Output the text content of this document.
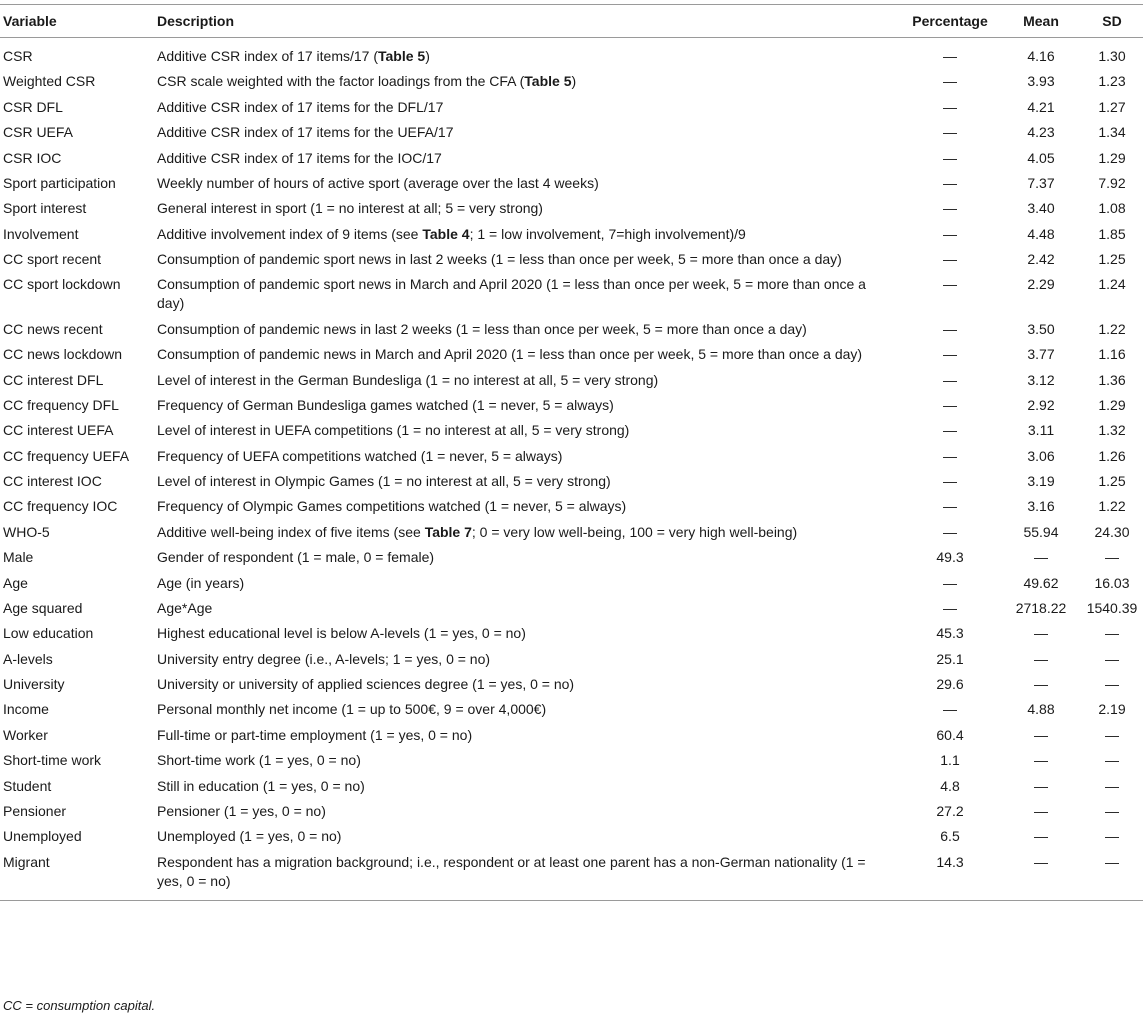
Variable	Description	Percentage	Mean	SD
CSR	Additive CSR index of 17 items/17 (Table 5)	—	4.16	1.30
Weighted CSR	CSR scale weighted with the factor loadings from the CFA (Table 5)	—	3.93	1.23
CSR DFL	Additive CSR index of 17 items for the DFL/17	—	4.21	1.27
CSR UEFA	Additive CSR index of 17 items for the UEFA/17	—	4.23	1.34
CSR IOC	Additive CSR index of 17 items for the IOC/17	—	4.05	1.29
Sport participation	Weekly number of hours of active sport (average over the last 4 weeks)	—	7.37	7.92
Sport interest	General interest in sport (1 = no interest at all; 5 = very strong)	—	3.40	1.08
Involvement	Additive involvement index of 9 items (see Table 4; 1 = low involvement, 7=high involvement)/9	—	4.48	1.85
CC sport recent	Consumption of pandemic sport news in last 2 weeks (1 = less than once per week, 5 = more than once a day)	—	2.42	1.25
CC sport lockdown	Consumption of pandemic sport news in March and April 2020 (1 = less than once per week, 5 = more than once a day)	—	2.29	1.24
CC news recent	Consumption of pandemic news in last 2 weeks (1 = less than once per week, 5 = more than once a day)	—	3.50	1.22
CC news lockdown	Consumption of pandemic news in March and April 2020 (1 = less than once per week, 5 = more than once a day)	—	3.77	1.16
CC interest DFL	Level of interest in the German Bundesliga (1 = no interest at all, 5 = very strong)	—	3.12	1.36
CC frequency DFL	Frequency of German Bundesliga games watched (1 = never, 5 = always)	—	2.92	1.29
CC interest UEFA	Level of interest in UEFA competitions (1 = no interest at all, 5 = very strong)	—	3.11	1.32
CC frequency UEFA	Frequency of UEFA competitions watched (1 = never, 5 = always)	—	3.06	1.26
CC interest IOC	Level of interest in Olympic Games (1 = no interest at all, 5 = very strong)	—	3.19	1.25
CC frequency IOC	Frequency of Olympic Games competitions watched (1 = never, 5 = always)	—	3.16	1.22
WHO-5	Additive well-being index of five items (see Table 7; 0 = very low well-being, 100 = very high well-being)	—	55.94	24.30
Male	Gender of respondent (1 = male, 0 = female)	49.3	—	—
Age	Age (in years)	—	49.62	16.03
Age squared	Age*Age	—	2718.22	1540.39
Low education	Highest educational level is below A-levels (1 = yes, 0 = no)	45.3	—	—
A-levels	University entry degree (i.e., A-levels; 1 = yes, 0 = no)	25.1	—	—
University	University or university of applied sciences degree (1 = yes, 0 = no)	29.6	—	—
Income	Personal monthly net income (1 = up to 500€, 9 = over 4,000€)	—	4.88	2.19
Worker	Full-time or part-time employment (1 = yes, 0 = no)	60.4	—	—
Short-time work	Short-time work (1 = yes, 0 = no)	1.1	—	—
Student	Still in education (1 = yes, 0 = no)	4.8	—	—
Pensioner	Pensioner (1 = yes, 0 = no)	27.2	—	—
Unemployed	Unemployed (1 = yes, 0 = no)	6.5	—	—
Migrant	Respondent has a migration background; i.e., respondent or at least one parent has a non-German nationality (1 = yes, 0 = no)	14.3	—	—
CC = consumption capital.
